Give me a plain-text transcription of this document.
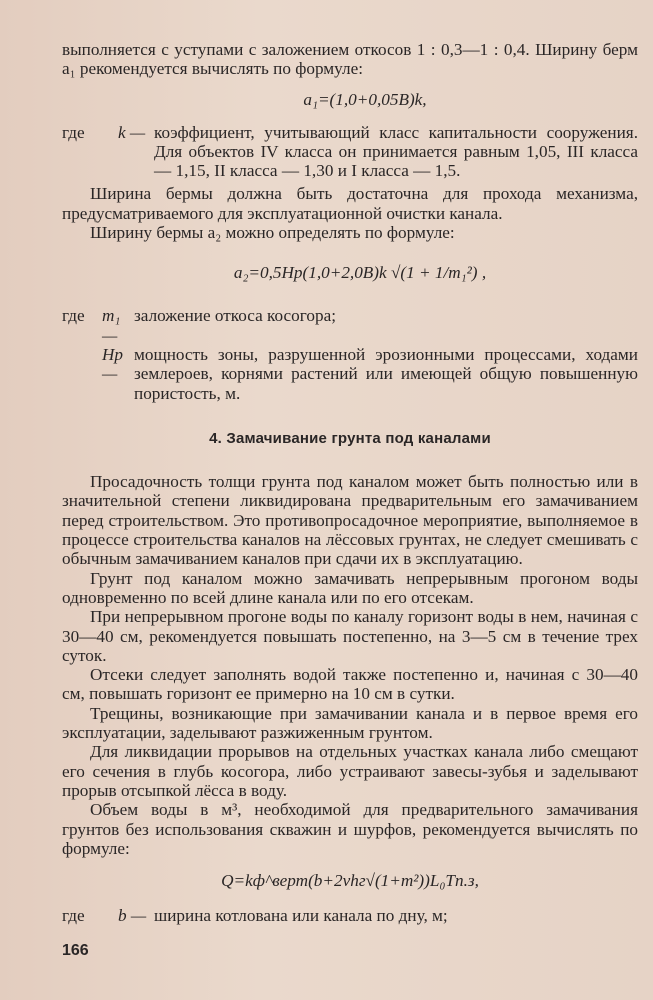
выполняется с уступами с заложением откосов 1 : 0,3—1 : 0,4. Ширину берм a₁ рекомендуется вычислять по формуле:

a₁=(1,0+0,05B)k,
где	k — коэффициент, учитывающий класс капитальности сооружения. Для объектов IV класса он принимается равным 1,05, III класса — 1,15, II класса — 1,30 и I класса — 1,5.

Ширина бермы должна быть достаточна для прохода механизма, предусматриваемого для эксплуатационной очистки канала.

Ширину бермы a₂ можно определять по формуле:

a₂=0,5Hр(1,0+2,0B)k √(1 + 1/m₁²) ,
где	m₁ —
заложение откоса косогора;
Hр —
мощность зоны, разрушенной эрозионными процессами, ходами землероев, корнями растений или имеющей общую повышенную пористость, м.
4. Замачивание грунта под каналами

Просадочность толщи грунта под каналом может быть полностью или в значительной степени ликвидирована предварительным его замачиванием перед строительством. Это противопросадочное мероприятие, выполняемое в процессе строительства каналов на лёссовых грунтах, не следует смешивать с обычным замачиванием каналов при сдачи их в эксплуатацию.

Грунт под каналом можно замачивать непрерывным прогоном воды одновременно по всей длине канала или по его отсекам.

При непрерывном прогоне воды по каналу горизонт воды в нем, начиная с 30—40 см, рекомендуется повышать постепенно, на 3—5 см в течение трех суток.

Отсеки следует заполнять водой также постепенно и, начиная с 30—40 см, повышать горизонт ее примерно на 10 см в сутки.

Трещины, возникающие при замачивании канала и в первое время его эксплуатации, заделывают разжиженным грунтом.

Для ликвидации прорывов на отдельных участках канала либо смещают его сечения в глубь косогора, либо устраивают завесы-зубья и заделывают прорыв отсыпкой лёсса в воду.

Объем воды в м³, необходимой для предварительного замачивания грунтов без использования скважин и шурфов, рекомендуется вычислять по формуле:

Q=kф^верт(b+2νhг√(1+m²))L₀Tп.з,
где	b — ширина котлована или канала по дну, м;
166
